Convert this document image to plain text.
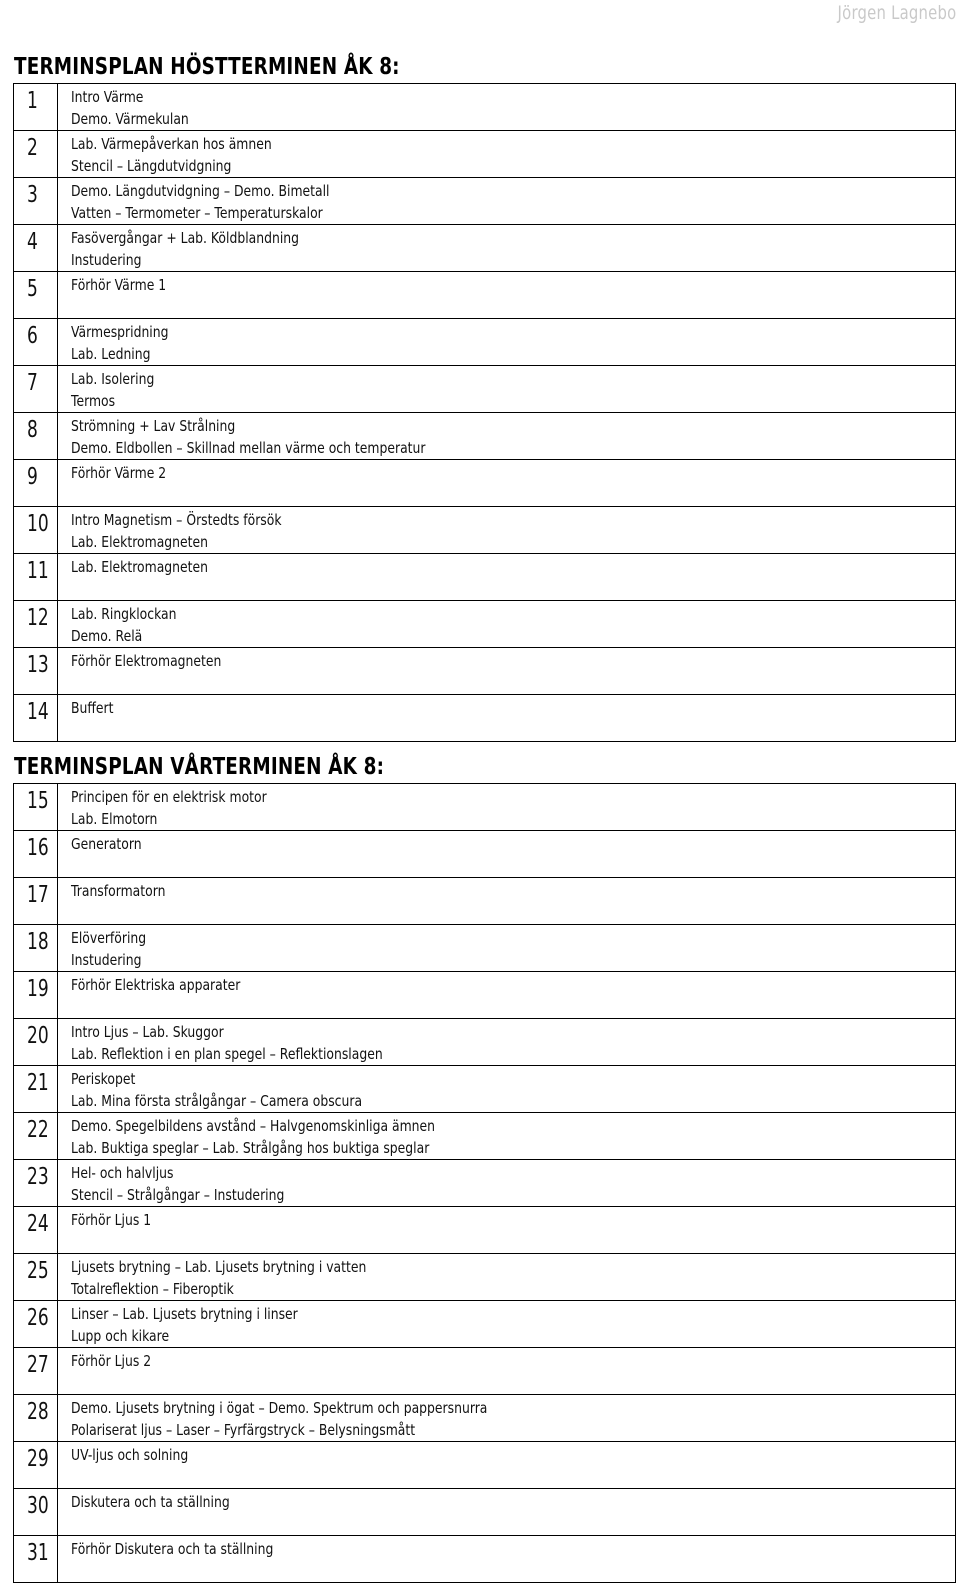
Jörgen Lagnebo
TERMINSPLAN HÖSTTERMINEN ÅK 8:
1	Intro Värme
Demo. Värmekulan

2	Lab. Värmepåverkan hos ämnen
Stencil – Längdutvidgning

3	Demo. Längdutvidgning – Demo. Bimetall
Vatten – Termometer – Temperaturskalor

4	Fasövergångar + Lab. Köldblandning
Instudering

5	Förhör Värme 1

6	Värmespridning
Lab. Ledning

7	Lab. Isolering
Termos

8	Strömning + Lav Strålning
Demo. Eldbollen – Skillnad mellan värme och temperatur

9	Förhör Värme 2

10	Intro Magnetism – Örstedts försök
Lab. Elektromagneten

11	Lab. Elektromagneten

12	Lab. Ringklockan
Demo. Relä

13	Förhör Elektromagneten

14	Buffert
TERMINSPLAN VÅRTERMINEN ÅK 8:
15	Principen för en elektrisk motor
Lab. Elmotorn

16	Generatorn

17	Transformatorn

18	Elöverföring
Instudering

19	Förhör Elektriska apparater

20	Intro Ljus – Lab. Skuggor
Lab. Reflektion i en plan spegel – Reflektionslagen

21	Periskopet
Lab. Mina första strålgångar – Camera obscura

22	Demo. Spegelbildens avstånd – Halvgenomskinliga ämnen
Lab. Buktiga speglar – Lab. Strålgång hos buktiga speglar

23	Hel- och halvljus
Stencil – Strålgångar – Instudering

24	Förhör Ljus 1

25	Ljusets brytning – Lab. Ljusets brytning i vatten
Totalreflektion – Fiberoptik

26	Linser – Lab. Ljusets brytning i linser
Lupp och kikare

27	Förhör Ljus 2

28	Demo. Ljusets brytning i ögat – Demo. Spektrum och pappersnurra
Polariserat ljus – Laser – Fyrfärgstryck – Belysningsmått

29	UV-ljus och solning

30	Diskutera och ta ställning

31	Förhör Diskutera och ta ställning
